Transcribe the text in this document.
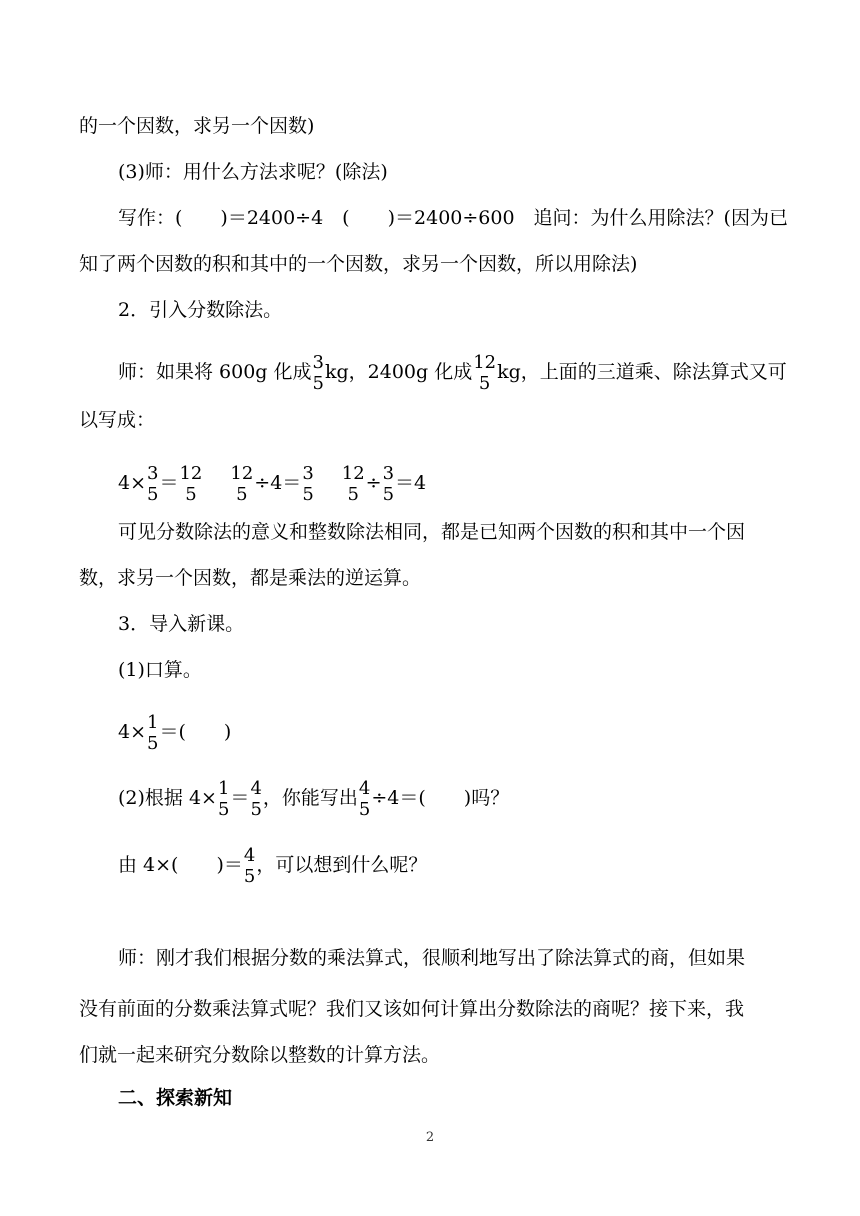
的一个因数，求另一个因数)
(3)师：用什么方法求呢？(除法)
写作：(　　)＝2400÷4　(　　)＝2400÷600　追问：为什么用除法？(因为已
知了两个因数的积和其中的一个因数，求另一个因数，所以用除法)
2．引入分数除法。
师：如果将 600g 化成 3
5
kg，2400g 化成 12
5
kg，上面的三道乘、除法算式又可
以写成：
4× 3
5
＝ 12
5
12
5
÷4＝ 3
5
12
5
÷ 3
5
＝4
可见分数除法的意义和整数除法相同，都是已知两个因数的积和其中一个因
数，求另一个因数，都是乘法的逆运算。
3．导入新课。
(1)口算。
4× 1
5
＝(　　)
(2)根据 4× 1
5
＝ 4
5
，你能写出 4
5
÷4＝(　　)吗？
由 4×(　　)＝ 4
5
，可以想到什么呢？
师：刚才我们根据分数的乘法算式，很顺利地写出了除法算式的商，但如果
没有前面的分数乘法算式呢？我们又该如何计算出分数除法的商呢？接下来，我
们就一起来研究分数除以整数的计算方法。
二、探索新知
2
